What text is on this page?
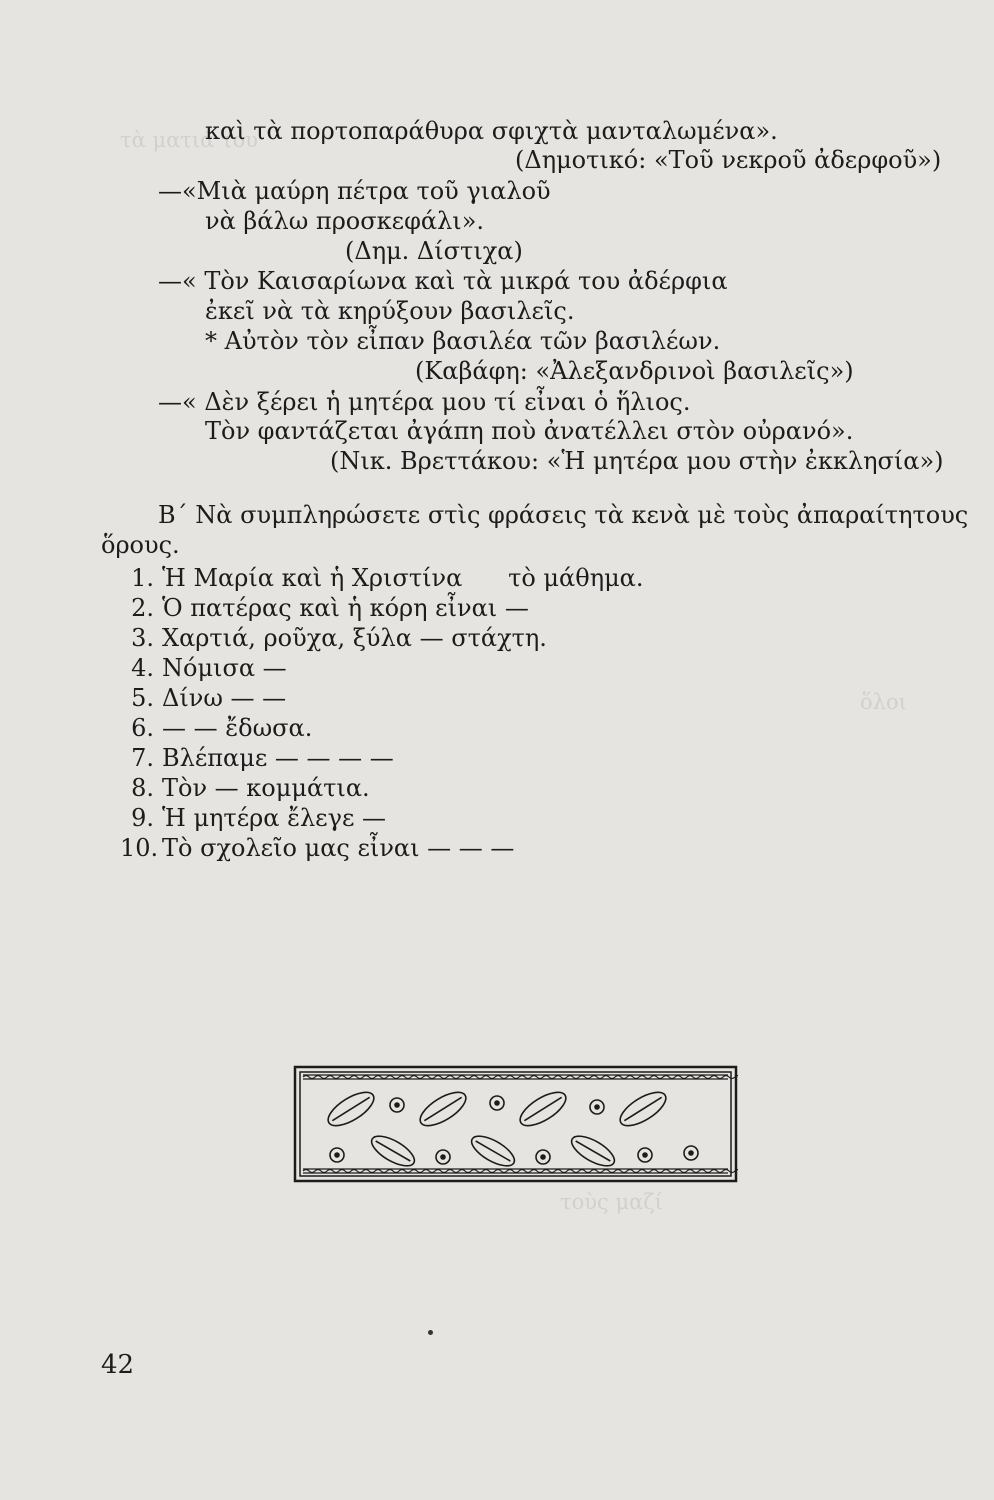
τὰ ματιά του
ὅλοι
τοὺς μαζί
καὶ τὰ πορτοπαράθυρα σφιχτὰ μανταλωμένα».
(Δημοτικό: «Τοῦ νεκροῦ ἀδερφοῦ»)
—«Μιὰ μαύρη πέτρα τοῦ γιαλοῦ
νὰ βάλω προσκεφάλι».
(Δημ. Δίστιχα)
—« Τὸν Καισαρίωνα καὶ τὰ μικρά του ἀδέρφια
ἐκεῖ νὰ τὰ κηρύξουν βασιλεῖς.
* Αὐτὸν τὸν εἶπαν βασιλέα τῶν βασιλέων.
(Καβάφη: «Ἀλεξανδρινοὶ βασιλεῖς»)
—« Δὲν ξέρει ἡ μητέρα μου τί εἶναι ὁ ἥλιος.
Τὸν φαντάζεται ἀγάπη ποὺ ἀνατέλλει στὸν οὐρανό».
(Νικ. Βρεττάκου: «Ἡ μητέρα μου στὴν ἐκκλησία»)
Β΄ Νὰ συμπληρώσετε στὶς φράσεις τὰ κενὰ μὲ τοὺς ἀπαραίτητους
ὅρους.
1. Ἡ Μαρία καὶ ἡ Χριστίνα      τὸ μάθημα.
2. Ὁ πατέρας καὶ ἡ κόρη εἶναι —
3. Χαρτιά, ροῦχα, ξύλα — στάχτη.
4. Νόμισα —
5. Δίνω — —
6. — — ἔδωσα.
7. Βλέπαμε — — — —
8. Τὸν — κομμάτια.
9. Ἡ μητέρα ἔλεγε —
10. Τὸ σχολεῖο μας εἶναι — — —
42
